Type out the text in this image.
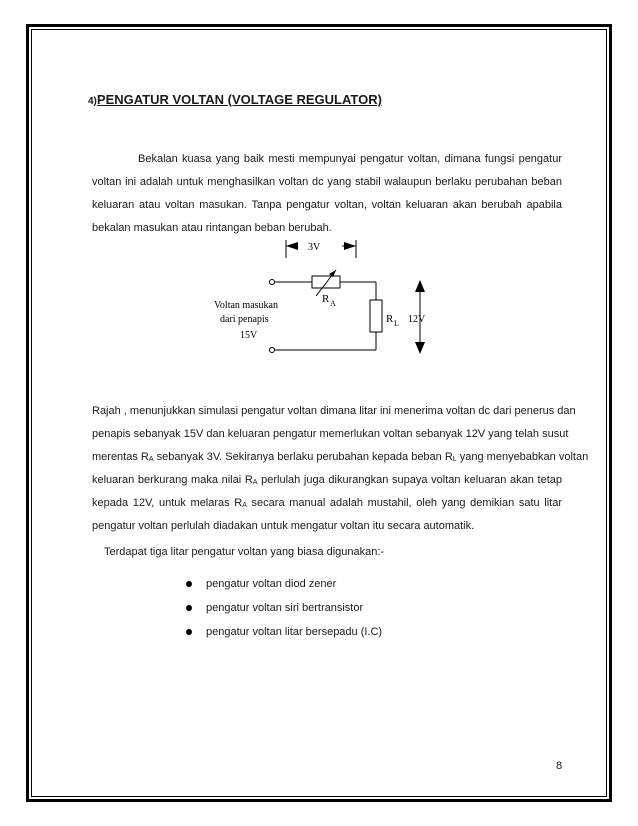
4)PENGATUR VOLTAN (VOLTAGE REGULATOR)
Bekalan kuasa yang baik mesti mempunyai pengatur voltan, dimana fungsi pengatur
voltan ini adalah untuk menghasilkan voltan dc yang stabil walaupun berlaku perubahan beban
keluaran atau voltan masukan. Tanpa pengatur voltan, voltan keluaran akan berubah apabila
bekalan masukan atau rintangan beban berubah.
3V
R A
R L 12V
Voltan masukan
dari penapis
15V
Rajah , menunjukkan simulasi pengatur voltan dimana litar ini menerima voltan dc dari penerus dan
penapis sebanyak 15V dan keluaran pengatur memerlukan voltan sebanyak 12V yang telah susut
merentas $R_A$ sebanyak 3V. Sekiranya berlaku perubahan kepada beban $R_L$ yang menyebabkan voltan
keluaran berkurang maka nilai $R_A$ perlulah juga dikurangkan supaya voltan keluaran akan tetap
kepada 12V, untuk melaras $R_A$ secara manual adalah mustahil, oleh yang demikian satu litar
pengatur voltan perlulah diadakan untuk mengatur voltan itu secara automatik.
Terdapat tiga litar pengatur voltan yang biasa digunakan:-
pengatur voltan diod zener
pengatur voltan siri bertransistor
pengatur voltan litar bersepadu (I.C)
8
